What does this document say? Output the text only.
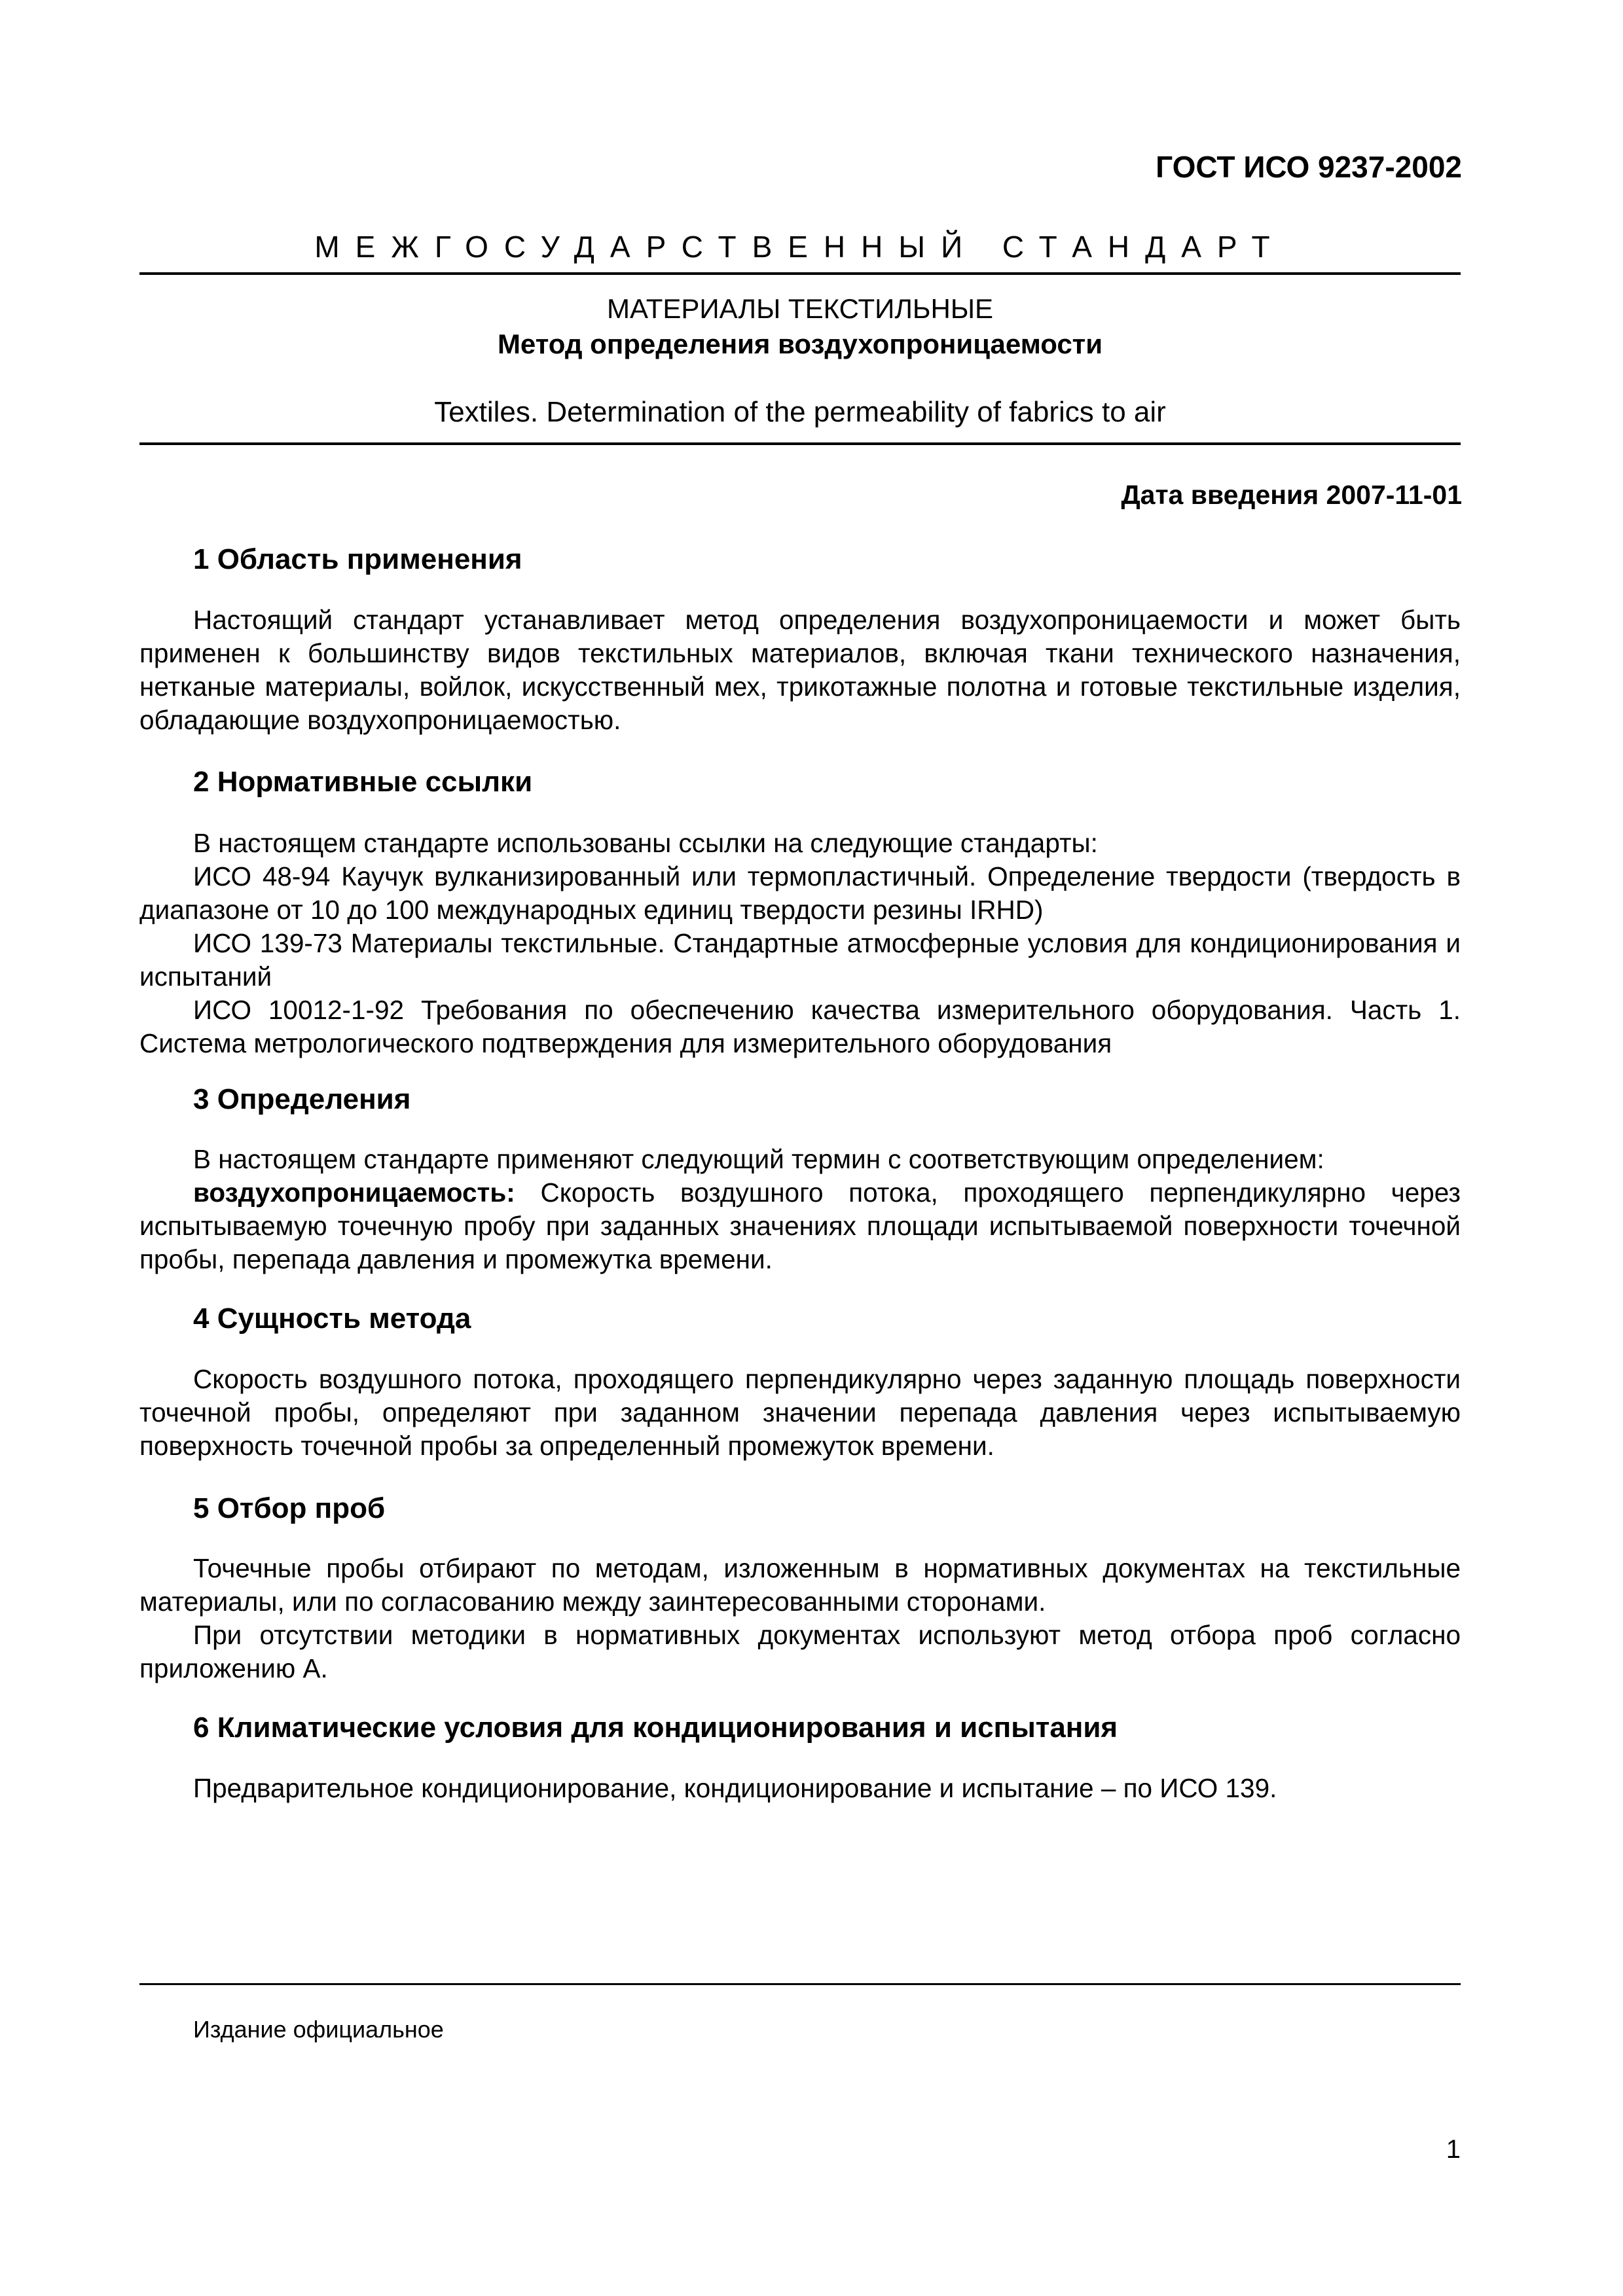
ГОСТ ИСО 9237-2002
МЕЖГОСУДАРСТВЕННЫЙ СТАНДАРТ
МАТЕРИАЛЫ ТЕКСТИЛЬНЫЕ
Метод определения воздухопроницаемости
Textiles. Determination of the permeability of fabrics to air
Дата введения 2007-11-01
1 Область применения
Настоящий стандарт устанавливает метод определения воздухопроницаемости и может быть применен к большинству видов текстильных материалов, включая ткани технического назначения, нетканые материалы, войлок, искусственный мех, трикотажные полотна и готовые текстильные изделия, обладающие воздухопроницаемостью.
2 Нормативные ссылки
В настоящем стандарте использованы ссылки на следующие стандарты:
ИСО 48-94 Каучук вулканизированный или термопластичный. Определение твердости (твердость в диапазоне от 10 до 100 международных единиц твердости резины IRHD)
ИСО 139-73 Материалы текстильные. Стандартные атмосферные условия для кондиционирования и испытаний
ИСО 10012-1-92 Требования по обеспечению качества измерительного оборудования. Часть 1. Система метрологического подтверждения для измерительного оборудования
3 Определения
В настоящем стандарте применяют следующий термин с соответствующим определением:
воздухопроницаемость: Скорость воздушного потока, проходящего перпендикулярно через испытываемую точечную пробу при заданных значениях площади испытываемой поверхности точечной пробы, перепада давления и промежутка времени.
4 Сущность метода
Скорость воздушного потока, проходящего перпендикулярно через заданную площадь поверхности точечной пробы, определяют при заданном значении перепада давления через испытываемую поверхность точечной пробы за определенный промежуток времени.
5 Отбор проб
Точечные пробы отбирают по методам, изложенным в нормативных документах на текстильные материалы, или по согласованию между заинтересованными сторонами.
При отсутствии методики в нормативных документах используют метод отбора проб согласно приложению А.
6 Климатические условия для кондиционирования и испытания
Предварительное кондиционирование, кондиционирование и испытание – по ИСО 139.
Издание официальное
1
